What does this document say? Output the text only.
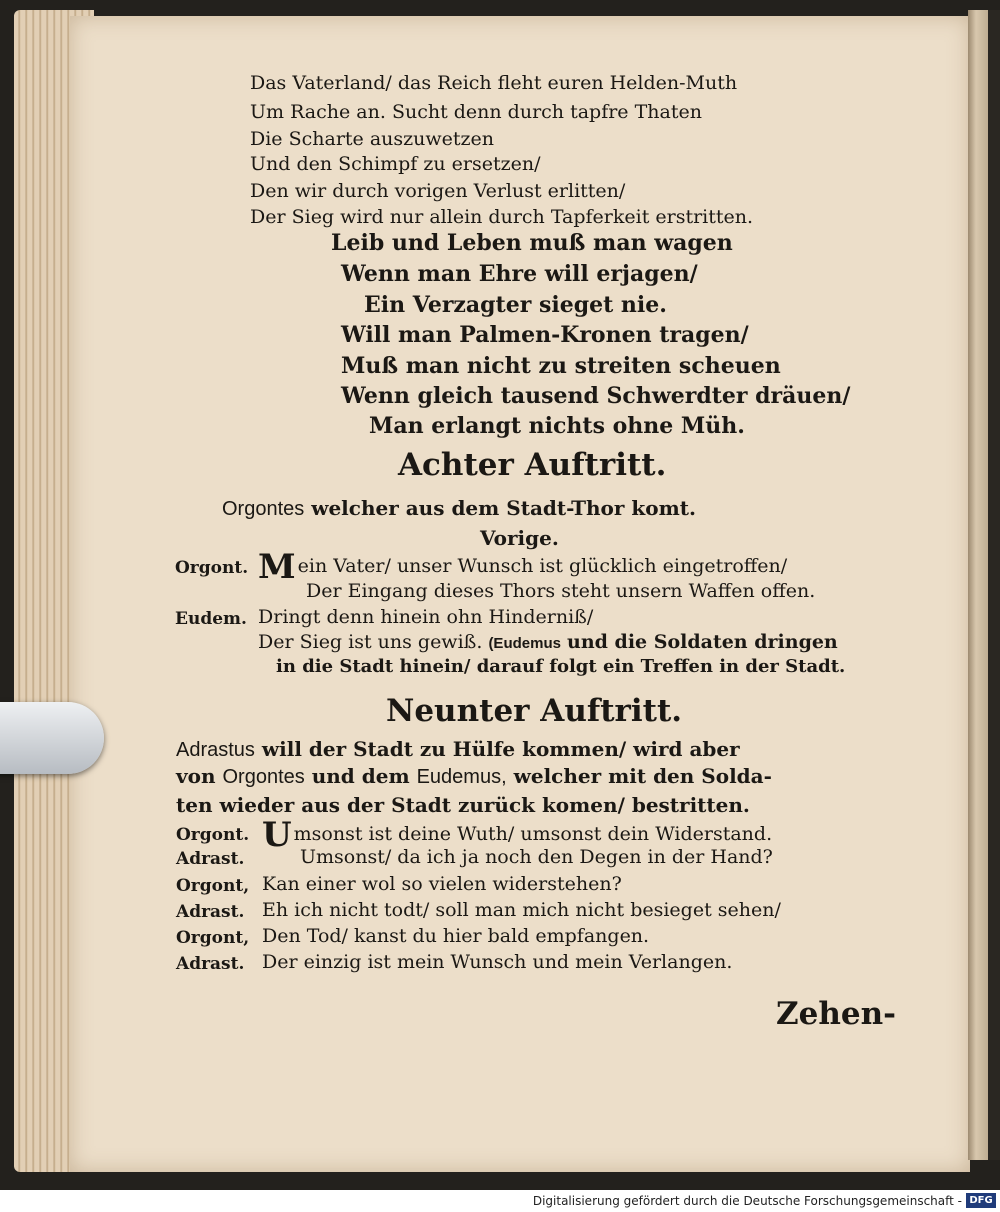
Das Vaterland/ das Reich fleht euren Helden-Muth
Um Rache an. Sucht denn durch tapfre Thaten
Die Scharte auszuwetzen
Und den Schimpf zu ersetzen/
Den wir durch vorigen Verlust erlitten/
Der Sieg wird nur allein durch Tapferkeit erstritten.
Leib und Leben muß man wagen
Wenn man Ehre will erjagen/
Ein Verzagter sieget nie.
Will man Palmen-Kronen tragen/
Muß man nicht zu streiten scheuen
Wenn gleich tausend Schwerdter dräuen/
Man erlangt nichts ohne Müh.
Achter Auftritt.
Orgontes welcher aus dem Stadt-Thor komt.
Vorige.
Orgont. Mein Vater/ unser Wunsch ist glücklich eingetroffen/
Der Eingang dieses Thors steht unsern Waffen offen.
Eudem. Dringt denn hinein ohn Hinderniß/
Der Sieg ist uns gewiß. (Eudemus und die Soldaten dringen
in die Stadt hinein/ darauf folgt ein Treffen in der Stadt.
Neunter Auftritt.
Adrastus will der Stadt zu Hülfe kommen/ wird aber
von Orgontes und dem Eudemus, welcher mit den Solda-
ten wieder aus der Stadt zurück komen/ bestritten.
Orgont. Umsonst ist deine Wuth/ umsonst dein Widerstand.
Adrast.	Umsonst/ da ich ja noch den Degen in der Hand?
Orgont, Kan einer wol so vielen widerstehen?
Adrast. Eh ich nicht todt/ soll man mich nicht besieget sehen/
Orgont, Den Tod/ kanst du hier bald empfangen.
Adrast. Der einzig ist mein Wunsch und mein Verlangen.
Zehen-
Digitalisierung gefördert durch die Deutsche Forschungsgemeinschaft - DFG
